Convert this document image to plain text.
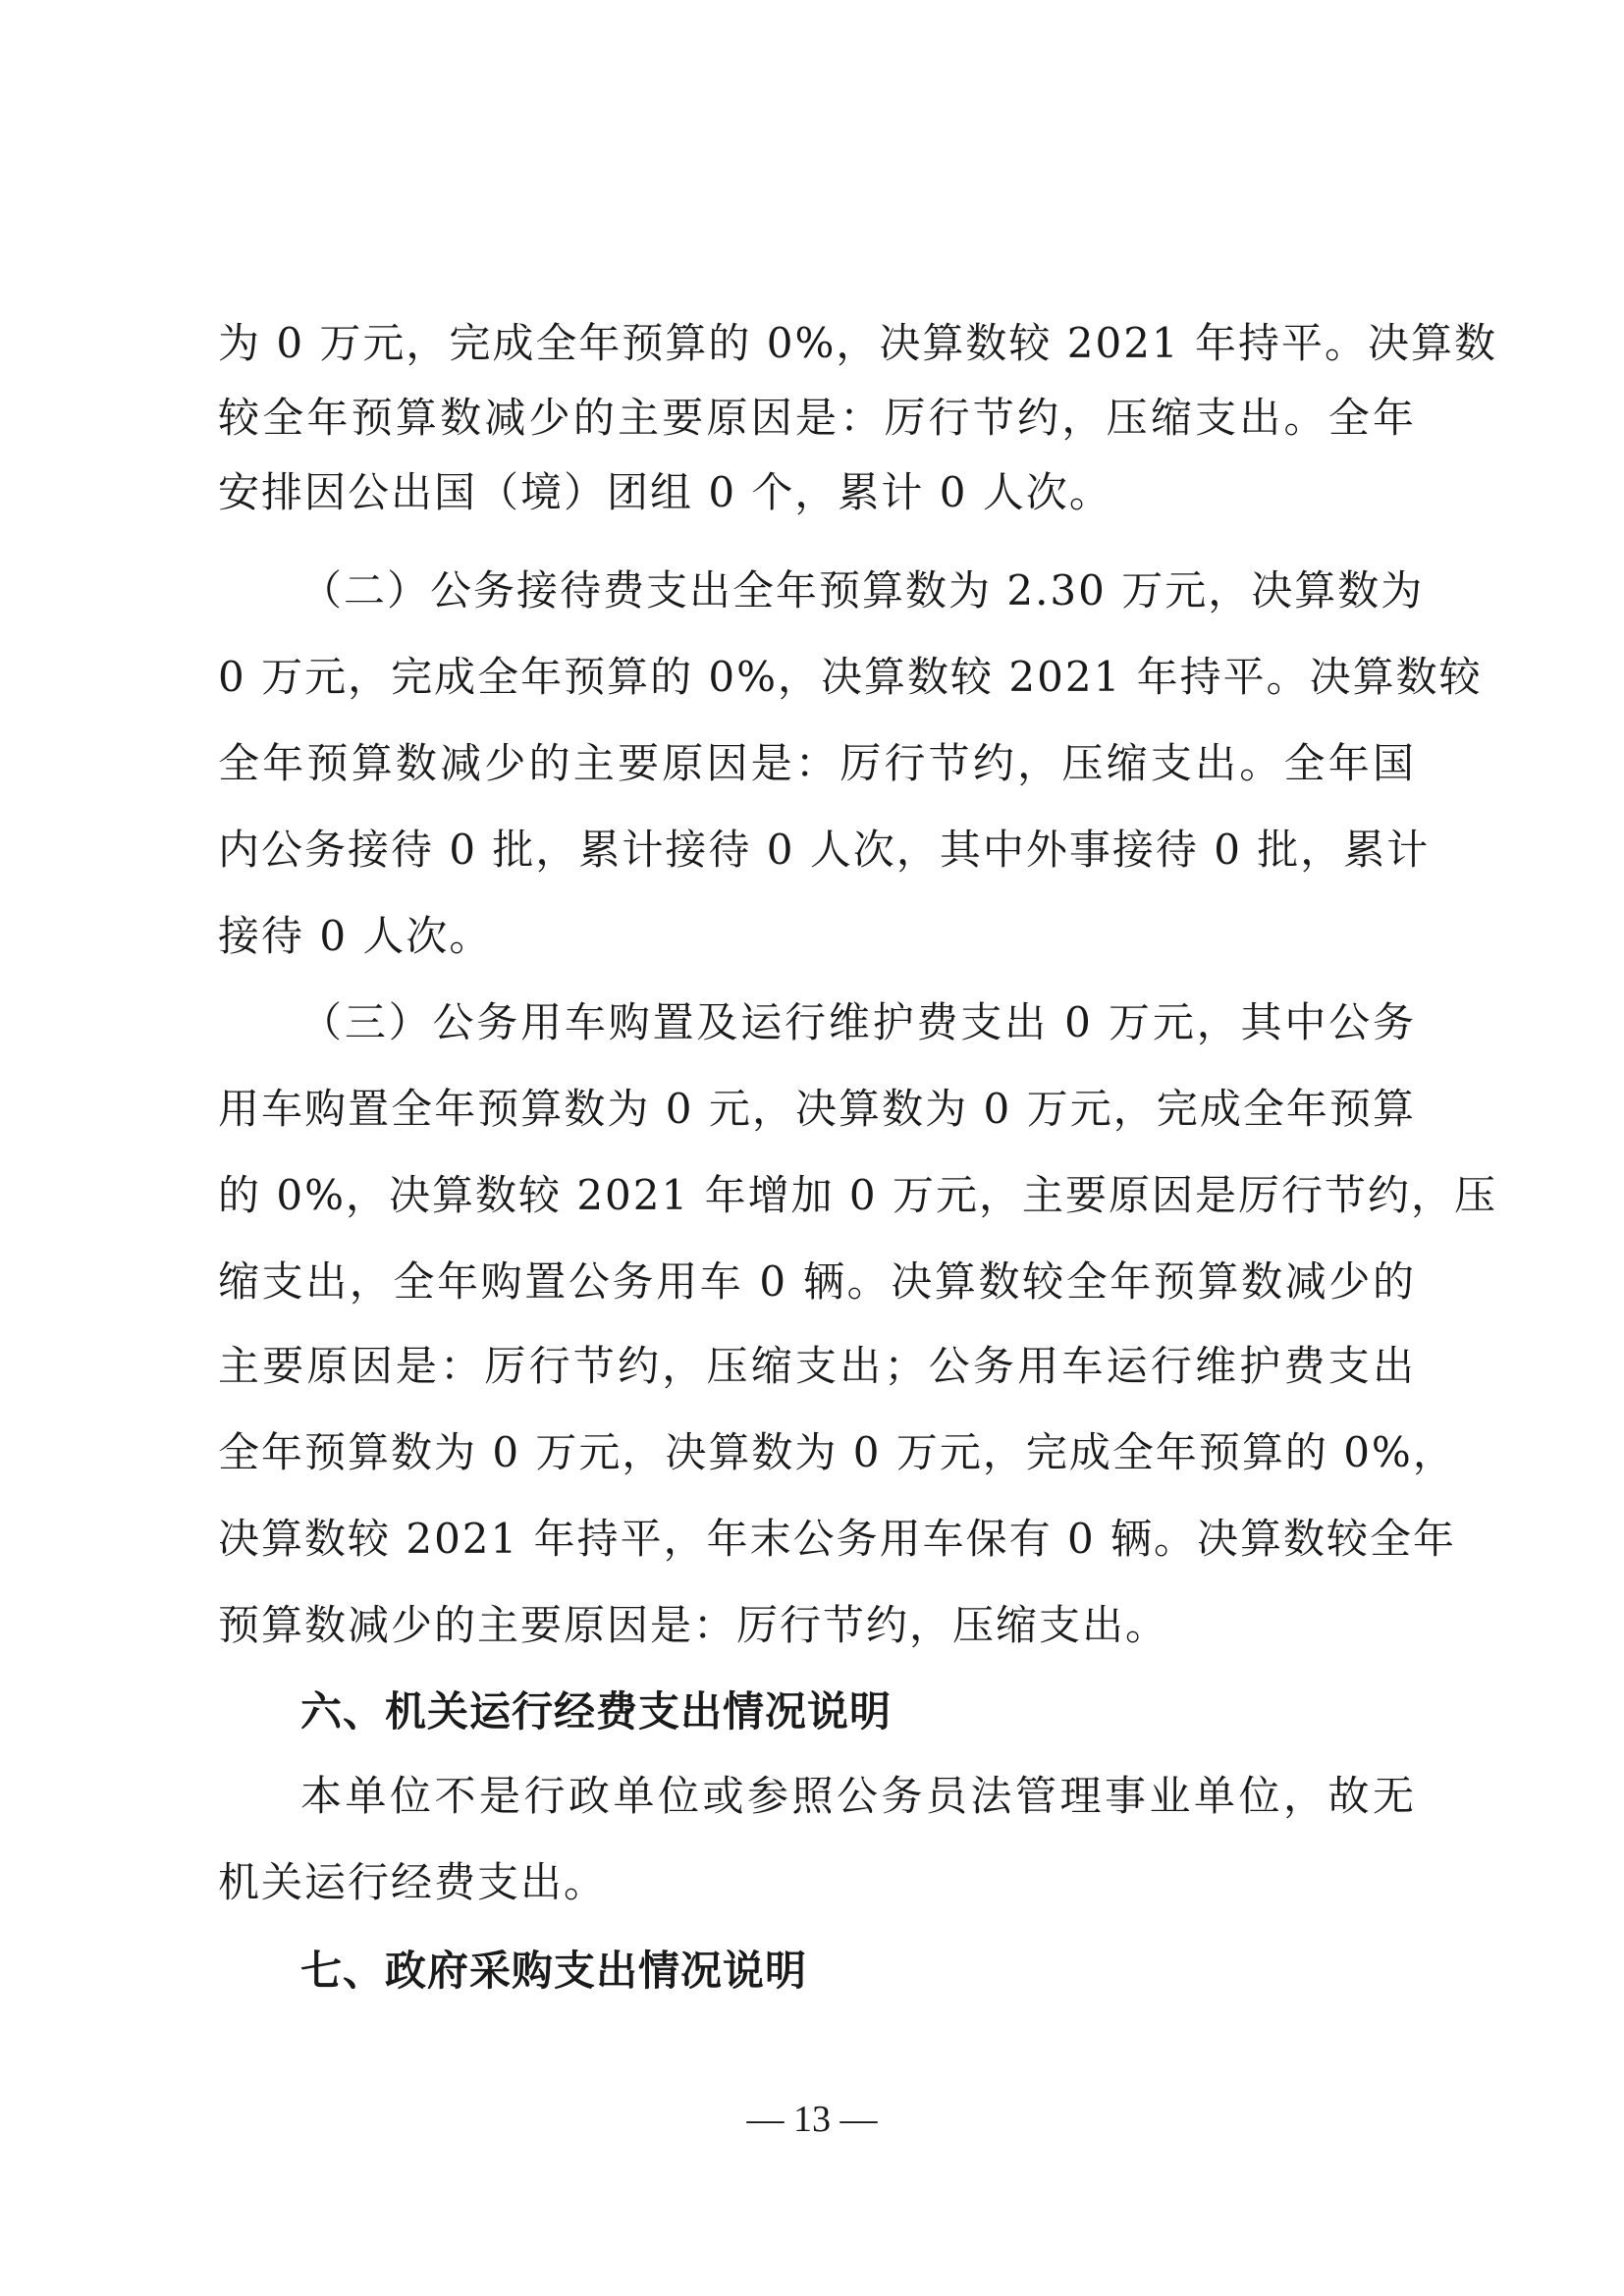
为 0 万元，完成全年预算的 0%，决算数较 2021 年持平。决算数
较全年预算数减少的主要原因是：厉行节约，压缩支出。全年
安排因公出国（境）团组 0 个，累计 0 人次。
（二）公务接待费支出全年预算数为 2.30 万元，决算数为
0 万元，完成全年预算的 0%，决算数较 2021 年持平。决算数较
全年预算数减少的主要原因是：厉行节约，压缩支出。全年国
内公务接待 0 批，累计接待 0 人次，其中外事接待 0 批，累计
接待 0 人次。
（三）公务用车购置及运行维护费支出 0 万元，其中公务
用车购置全年预算数为 0 元，决算数为 0 万元，完成全年预算
的 0%，决算数较 2021 年增加 0 万元，主要原因是厉行节约，压
缩支出，全年购置公务用车 0 辆。决算数较全年预算数减少的
主要原因是：厉行节约，压缩支出；公务用车运行维护费支出
全年预算数为 0 万元，决算数为 0 万元，完成全年预算的 0%，
决算数较 2021 年持平，年末公务用车保有 0 辆。决算数较全年
预算数减少的主要原因是：厉行节约，压缩支出。
六、机关运行经费支出情况说明
本单位不是行政单位或参照公务员法管理事业单位，故无
机关运行经费支出。
七、政府采购支出情况说明
— 13 —
